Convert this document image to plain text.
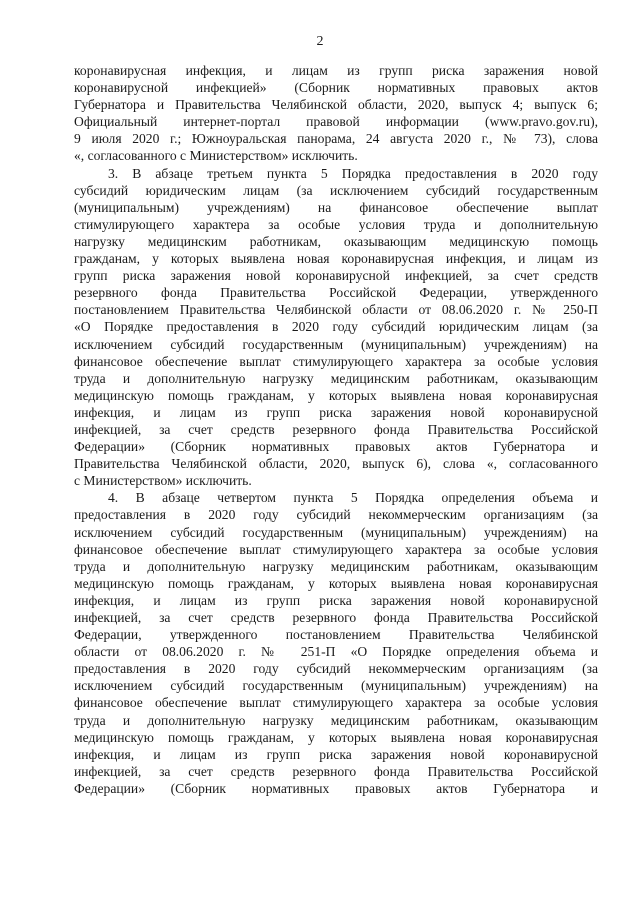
2
коронавирусная инфекция, и лицам из групп риска заражения новой
коронавирусной инфекцией» (Сборник нормативных правовых актов
Губернатора и Правительства Челябинской области, 2020, выпуск 4; выпуск 6;
Официальный интернет-портал правовой информации (www.pravo.gov.ru),
9 июля 2020 г.; Южноуральская панорама, 24 августа 2020 г., № 73), слова
«, согласованного с Министерством» исключить.
3. В абзаце третьем пункта 5 Порядка предоставления в 2020 году
субсидий юридическим лицам (за исключением субсидий государственным
(муниципальным) учреждениям) на финансовое обеспечение выплат
стимулирующего характера за особые условия труда и дополнительную
нагрузку медицинским работникам, оказывающим медицинскую помощь
гражданам, у которых выявлена новая коронавирусная инфекция, и лицам из
групп риска заражения новой коронавирусной инфекцией, за счет средств
резервного фонда Правительства Российской Федерации, утвержденного
постановлением Правительства Челябинской области от 08.06.2020 г. № 250-П
«О Порядке предоставления в 2020 году субсидий юридическим лицам (за
исключением субсидий государственным (муниципальным) учреждениям) на
финансовое обеспечение выплат стимулирующего характера за особые условия
труда и дополнительную нагрузку медицинским работникам, оказывающим
медицинскую помощь гражданам, у которых выявлена новая коронавирусная
инфекция, и лицам из групп риска заражения новой коронавирусной
инфекцией, за счет средств резервного фонда Правительства Российской
Федерации» (Сборник нормативных правовых актов Губернатора и
Правительства Челябинской области, 2020, выпуск 6), слова «, согласованного
с Министерством» исключить.
4. В абзаце четвертом пункта 5 Порядка определения объема и
предоставления в 2020 году субсидий некоммерческим организациям (за
исключением субсидий государственным (муниципальным) учреждениям) на
финансовое обеспечение выплат стимулирующего характера за особые условия
труда и дополнительную нагрузку медицинским работникам, оказывающим
медицинскую помощь гражданам, у которых выявлена новая коронавирусная
инфекция, и лицам из групп риска заражения новой коронавирусной
инфекцией, за счет средств резервного фонда Правительства Российской
Федерации, утвержденного постановлением Правительства Челябинской
области от 08.06.2020 г. № 251-П «О Порядке определения объема и
предоставления в 2020 году субсидий некоммерческим организациям (за
исключением субсидий государственным (муниципальным) учреждениям) на
финансовое обеспечение выплат стимулирующего характера за особые условия
труда и дополнительную нагрузку медицинским работникам, оказывающим
медицинскую помощь гражданам, у которых выявлена новая коронавирусная
инфекция, и лицам из групп риска заражения новой коронавирусной
инфекцией, за счет средств резервного фонда Правительства Российской
Федерации» (Сборник нормативных правовых актов Губернатора и
